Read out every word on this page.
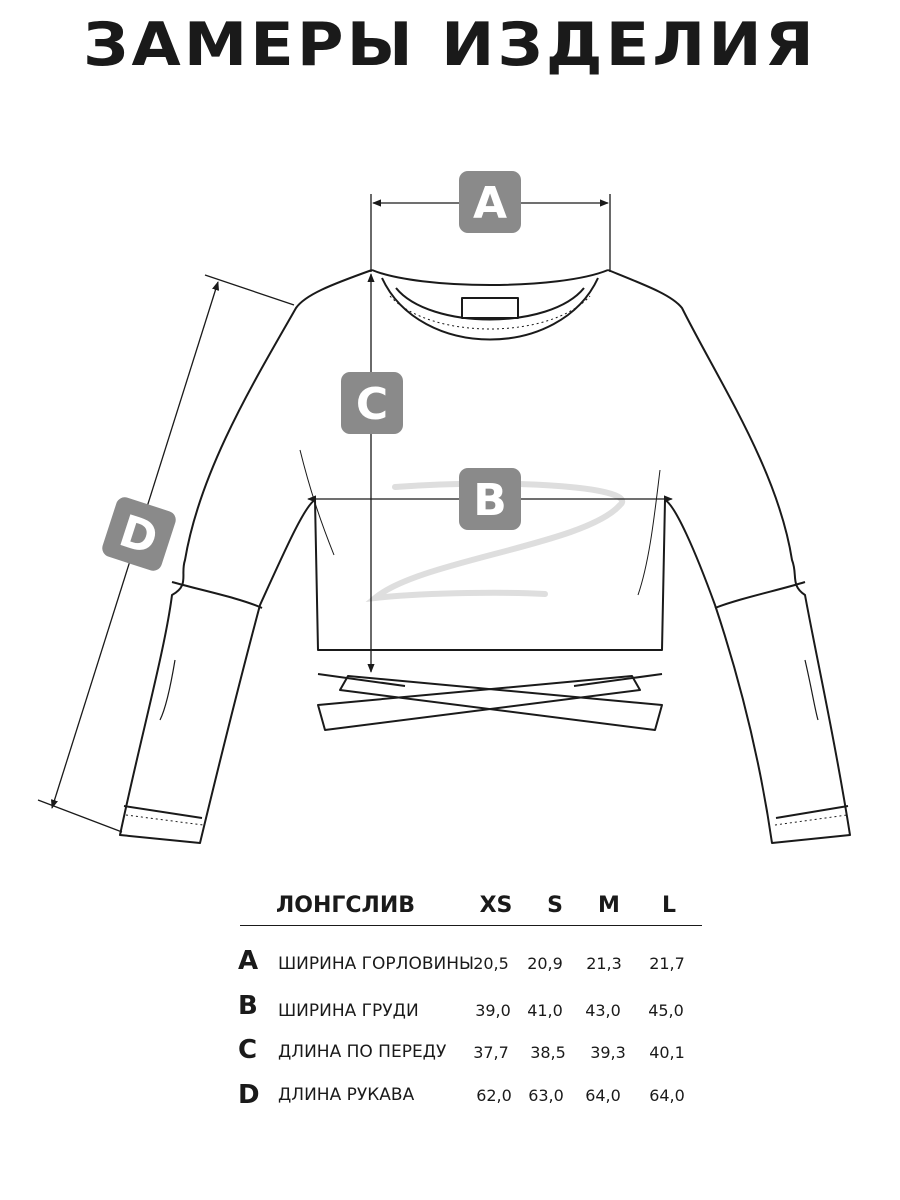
ЗАМЕРЫ ИЗДЕЛИЯ
A
C
B
D
ЛОНГСЛИВ	XS	S	M	L
A ШИРИНА ГОРЛОВИНЫ 20,5	20,9	21,3	21,7
B ШИРИНА ГРУДИ	39,0	41,0	43,0	45,0
C ДЛИНА ПО ПЕРЕДУ	37,7	38,5	39,3	40,1
D ДЛИНА РУКАВА	62,0	63,0	64,0	64,0
